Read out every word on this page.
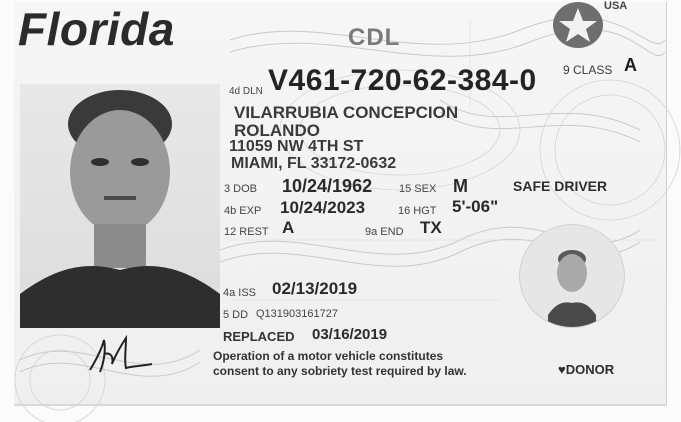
Florida	CDL
USA
4d DLN V461-720-62-384-0 9 CLASS A
VILARRUBIA CONCEPCION
ROLANDO
11059 NW 4TH ST
MIAMI, FL 33172-0632
3 DOB 10/24/1962 15 SEX M	SAFE DRIVER
4b EXP 10/24/2023	16 HGT 5'-06"
12 REST A	9a END TX
4a ISS 02/13/2019
5 DD Q131903161727
REPLACED 03/16/2019
Operation of a motor vehicle constitutes
consent to any sobriety test required by law.	♥DONOR
